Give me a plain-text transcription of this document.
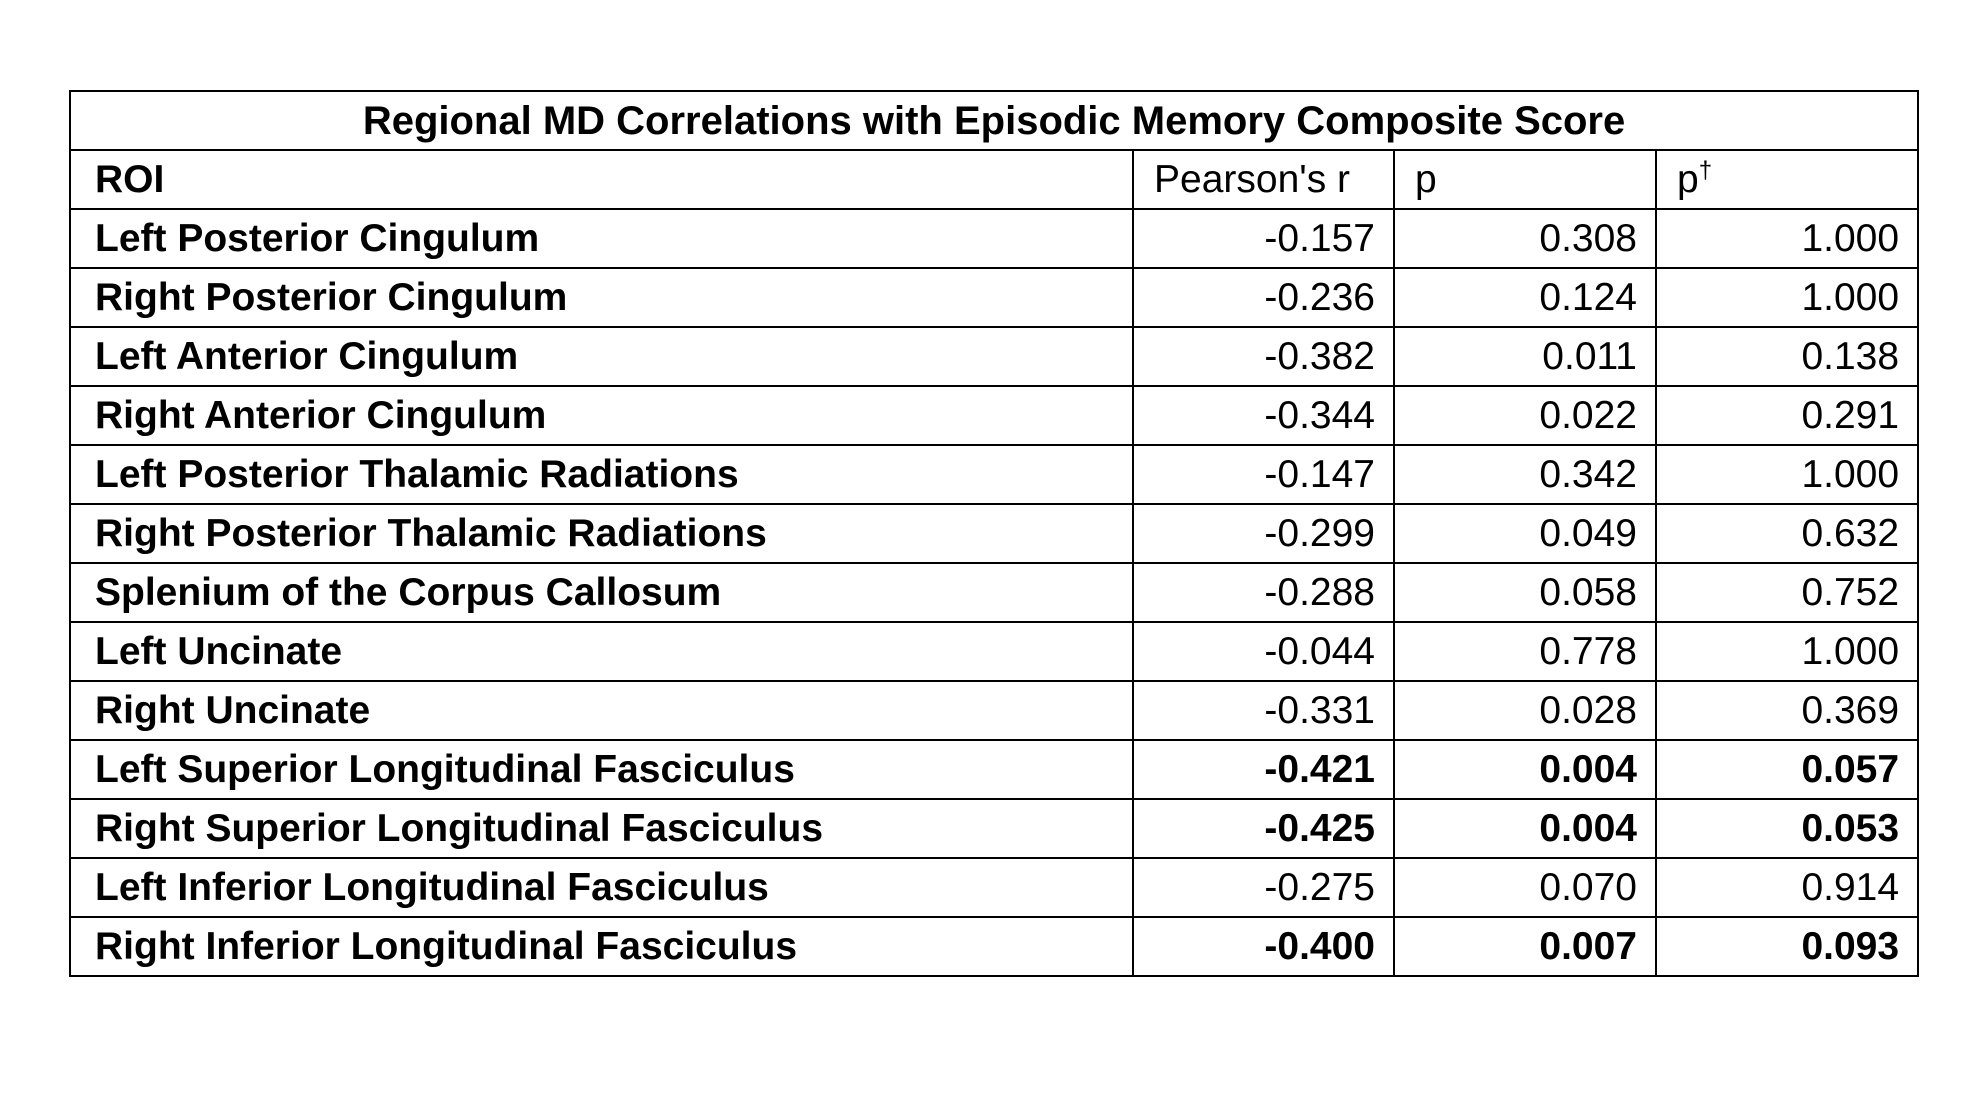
Regional MD Correlations with Episodic Memory Composite Score			
ROI	Pearson's r	p	p†
Left Posterior Cingulum	-0.157	0.308	1.000
Right Posterior Cingulum	-0.236	0.124	1.000
Left Anterior Cingulum	-0.382	0.011	0.138
Right Anterior Cingulum	-0.344	0.022	0.291
Left Posterior Thalamic Radiations	-0.147	0.342	1.000
Right Posterior Thalamic Radiations	-0.299	0.049	0.632
Splenium of the Corpus Callosum	-0.288	0.058	0.752
Left Uncinate	-0.044	0.778	1.000
Right Uncinate	-0.331	0.028	0.369
Left Superior Longitudinal Fasciculus	-0.421	0.004	0.057
Right Superior Longitudinal Fasciculus	-0.425	0.004	0.053
Left Inferior Longitudinal Fasciculus	-0.275	0.070	0.914
Right Inferior Longitudinal Fasciculus	-0.400	0.007	0.093
